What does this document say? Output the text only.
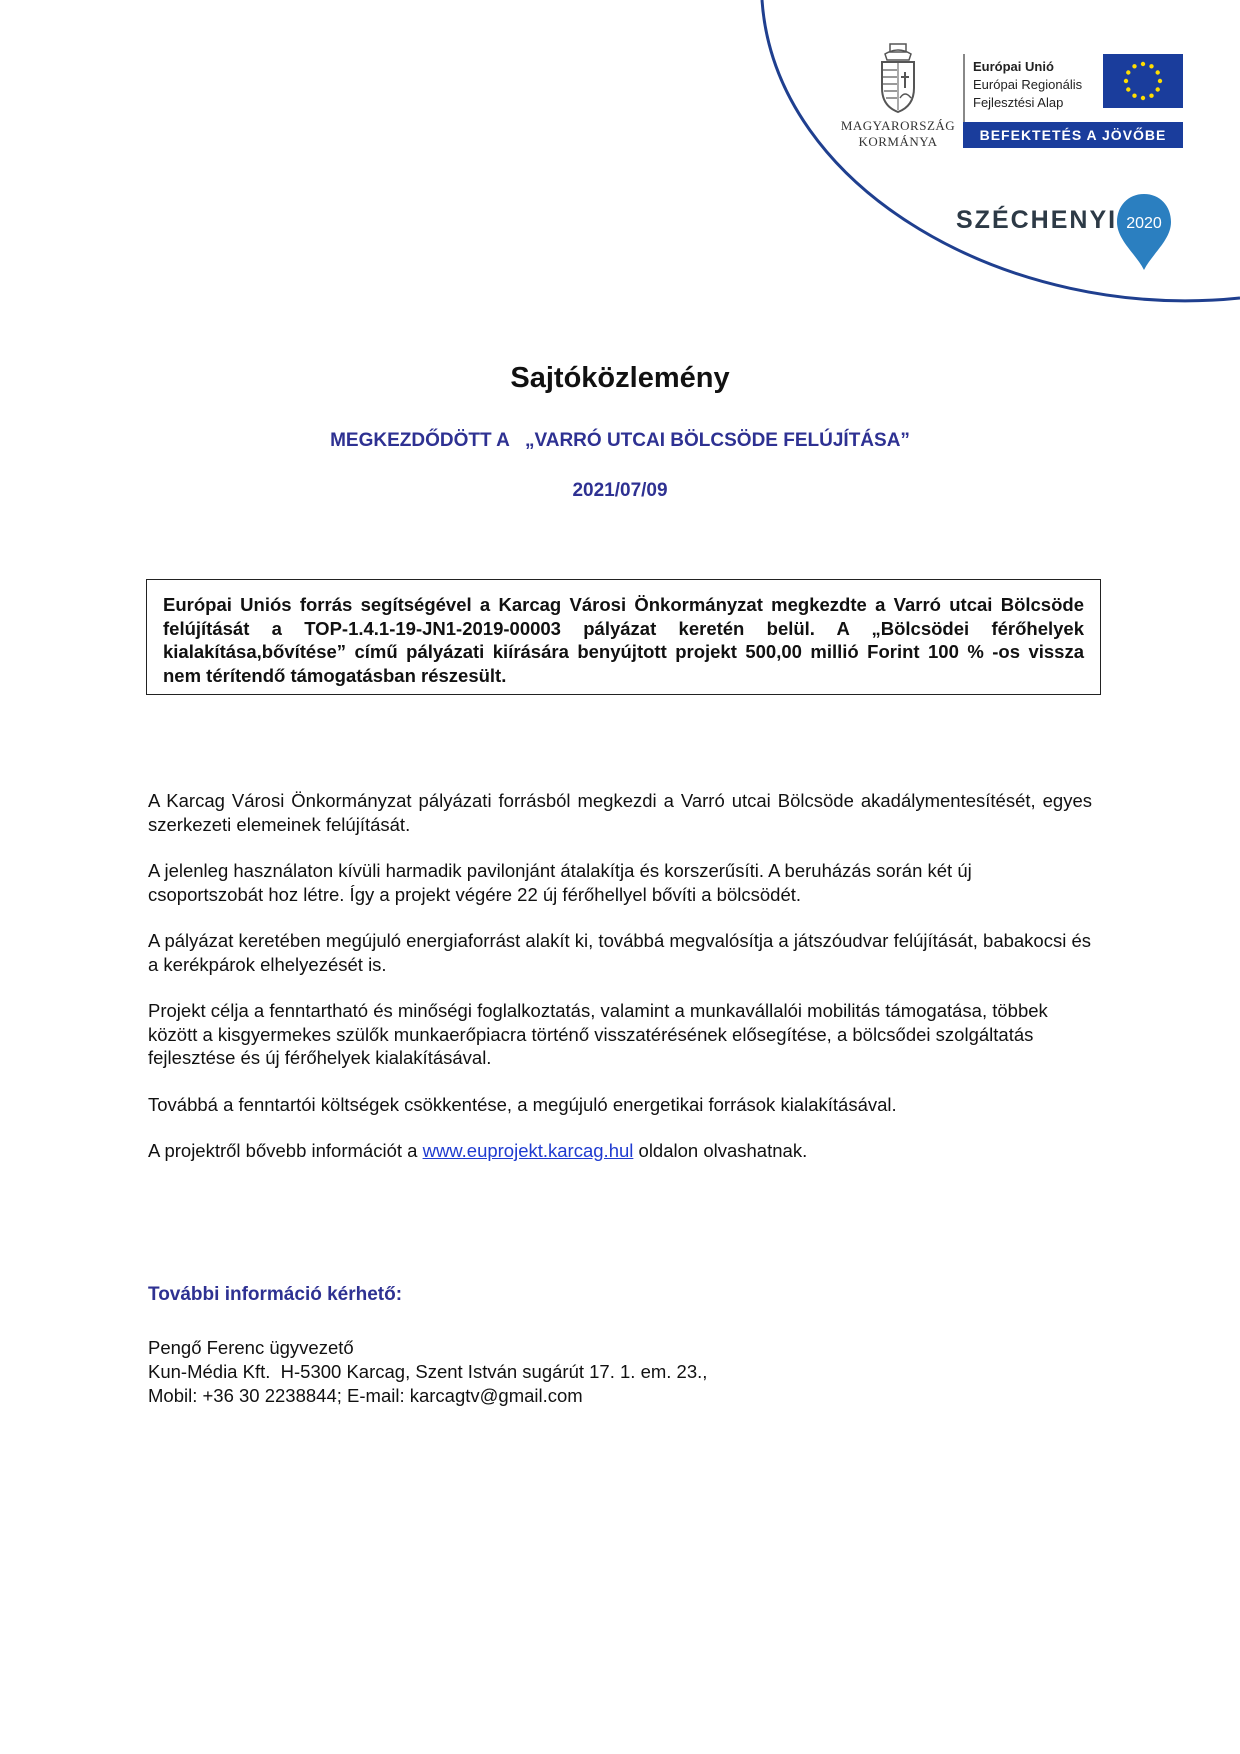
MAGYARORSZÁG
KORMÁNYA
Európai Unió
Európai Regionális
Fejlesztési Alap
BEFEKTETÉS A JÖVŐBE
SZÉCHENYI 2020
Sajtóközlemény
MEGKEZDŐDÖTT A   „VARRÓ UTCAI BÖLCSÖDE FELÚJÍTÁSA”
2021/07/09

Európai Uniós forrás segítségével a Karcag Városi Önkormányzat megkezdte a Varró utcai Bölcsöde felújítását a TOP-1.4.1-19-JN1-2019-00003 pályázat keretén belül. A „Bölcsödei férőhelyek kialakítása,bővítése” című pályázati kiírására benyújtott projekt 500,00 millió Forint 100 % -os vissza nem térítendő támogatásban részesült.

A Karcag Városi Önkormányzat pályázati forrásból megkezdi a Varró utcai Bölcsöde akadálymentesítését, egyes szerkezeti elemeinek felújítását.

A jelenleg használaton kívüli harmadik pavilonjánt átalakítja és korszerűsíti. A beruházás során két új csoportszobát hoz létre. Így a projekt végére 22 új férőhellyel bővíti a bölcsödét.

A pályázat keretében megújuló energiaforrást alakít ki, továbbá megvalósítja a játszóudvar felújítását, babakocsi és a kerékpárok elhelyezését is.

Projekt célja a fenntartható és minőségi foglalkoztatás, valamint a munkavállalói mobilitás támogatása, többek között a kisgyermekes szülők munkaerőpiacra történő visszatérésének elősegítése, a bölcsődei szolgáltatás fejlesztése és új férőhelyek kialakításával.

Továbbá a fenntartói költségek csökkentése, a megújuló energetikai források kialakításával.

A projektről bővebb információt a www.euprojekt.karcag.hul oldalon olvashatnak.

További információ kérhető:
Pengő Ferenc ügyvezető
Kun-Média Kft.  H-5300 Karcag, Szent István sugárút 17. 1. em. 23.,
Mobil: +36 30 2238844; E-mail: karcagtv@gmail.com
